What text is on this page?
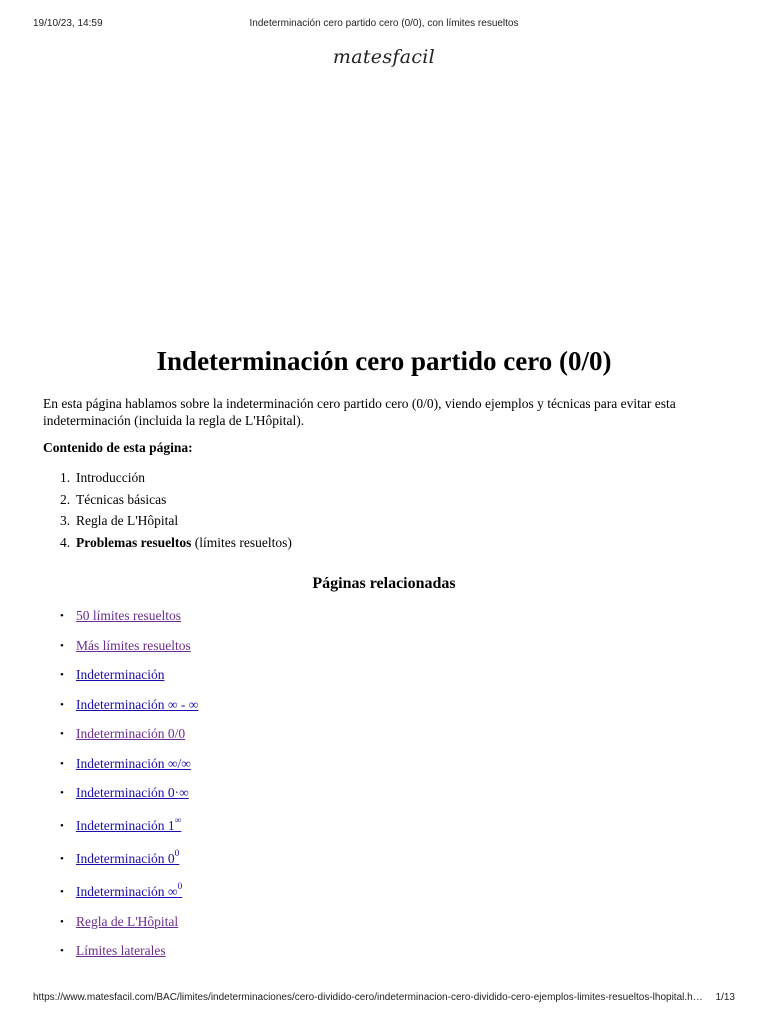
19/10/23, 14:59	Indeterminación cero partido cero (0/0), con límites resueltos
matesfacil
Indeterminación cero partido cero (0/0)

En esta página hablamos sobre la indeterminación cero partido cero (0/0), viendo ejemplos y técnicas para evitar esta indeterminación (incluida la regla de L'Hôpital).

Contenido de esta página:

1. Introducción
2. Técnicas básicas
3. Regla de L'Hôpital
4. Problemas resueltos (límites resueltos)
Páginas relacionadas
• 50 límites resueltos
• Más límites resueltos
• Indeterminación
• Indeterminación ∞ - ∞
• Indeterminación 0/0
• Indeterminación ∞/∞
• Indeterminación 0·∞
• Indeterminación 1∞
• Indeterminación $0^0$
• Indeterminación ∞$^0$
• Regla de L'Hôpital
• Límites laterales
https://www.matesfacil.com/BAC/limites/indeterminaciones/cero-dividido-cero/indeterminacion-cero-dividido-cero-ejemplos-limites-resueltos-lhopital.h…	1/13
